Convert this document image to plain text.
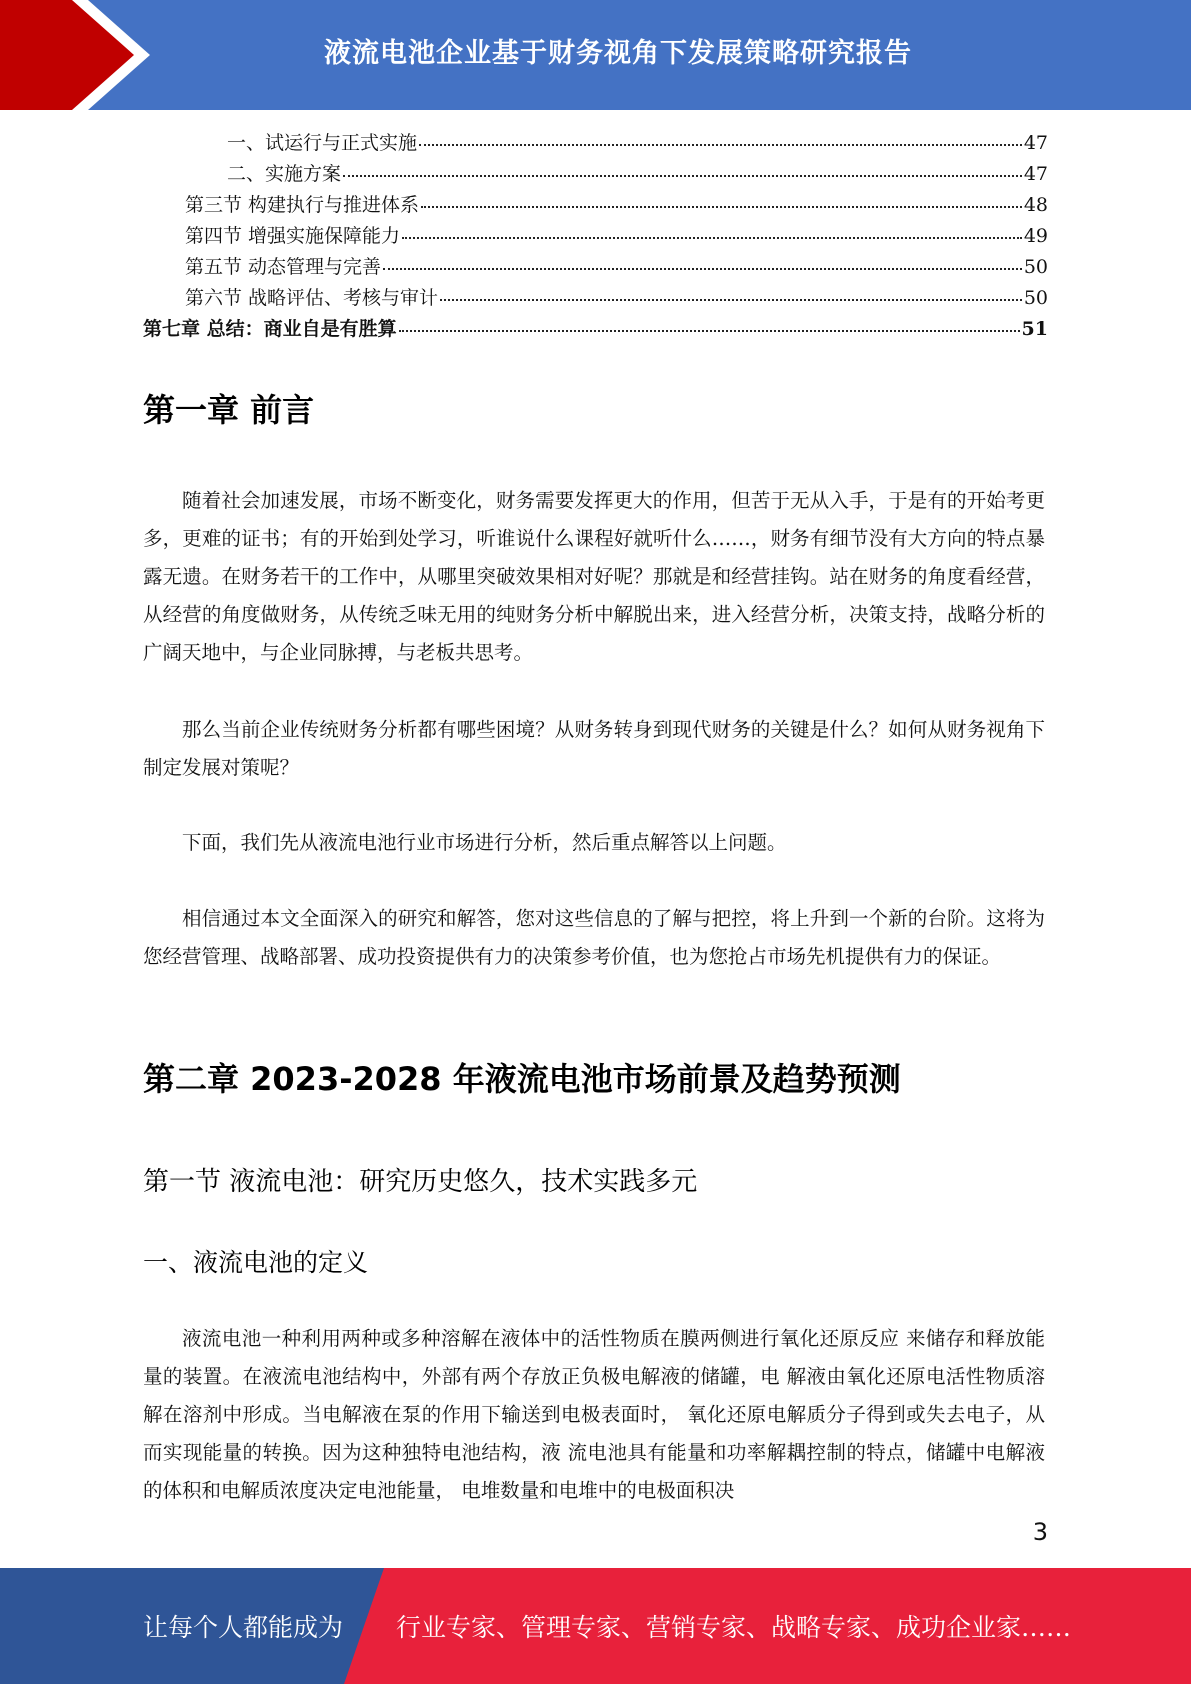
液流电池企业基于财务视角下发展策略研究报告
一、试运行与正式实施	47
二、实施方案	47
第三节 构建执行与推进体系	48
第四节 增强实施保障能力	49
第五节 动态管理与完善	50
第六节 战略评估、考核与审计	50
第七章 总结：商业自是有胜算	51
第一章 前言

随着社会加速发展，市场不断变化，财务需要发挥更大的作用，但苦于无从入手，于是有的开始考更多，更难的证书；有的开始到处学习，听谁说什么课程好就听什么……，财务有细节没有大方向的特点暴露无遗。在财务若干的工作中，从哪里突破效果相对好呢？那就是和经营挂钩。站在财务的角度看经营，从经营的角度做财务，从传统乏味无用的纯财务分析中解脱出来，进入经营分析，决策支持，战略分析的广阔天地中，与企业同脉搏，与老板共思考。

那么当前企业传统财务分析都有哪些困境？从财务转身到现代财务的关键是什么？如何从财务视角下制定发展对策呢？

下面，我们先从液流电池行业市场进行分析，然后重点解答以上问题。

相信通过本文全面深入的研究和解答，您对这些信息的了解与把控，将上升到一个新的台阶。这将为您经营管理、战略部署、成功投资提供有力的决策参考价值，也为您抢占市场先机提供有力的保证。

第二章 2023-2028 年液流电池市场前景及趋势预测
第一节 液流电池：研究历史悠久，技术实践多元
一、液流电池的定义

液流电池一种利用两种或多种溶解在液体中的活性物质在膜两侧进行氧化还原反应 来储存和释放能量的装置。在液流电池结构中，外部有两个存放正负极电解液的储罐，电 解液由氧化还原电活性物质溶解在溶剂中形成。当电解液在泵的作用下输送到电极表面时， 氧化还原电解质分子得到或失去电子，从而实现能量的转换。因为这种独特电池结构，液 流电池具有能量和功率解耦控制的特点，储罐中电解液的体积和电解质浓度决定电池能量， 电堆数量和电堆中的电极面积决

3
让每个人都能成为 行业专家、管理专家、营销专家、战略专家、成功企业家……
